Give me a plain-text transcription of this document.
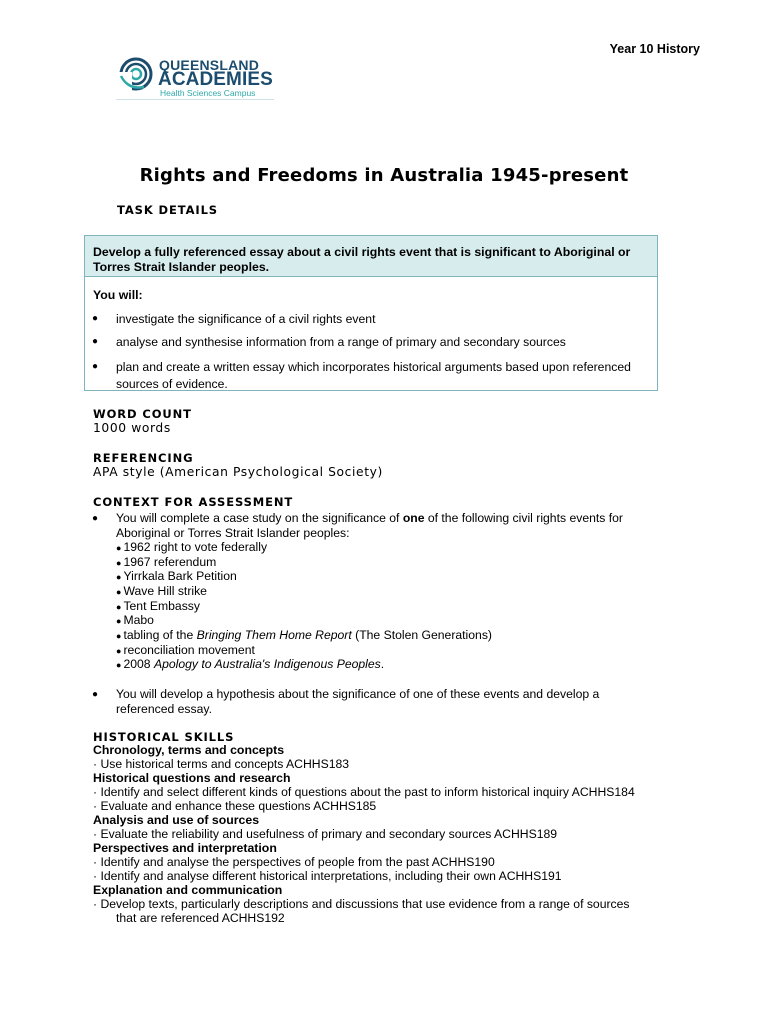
Year 10 History
QUEENSLAND
ACADEMIES
Health Sciences Campus
Rights and Freedoms in Australia 1945-present
TASK DETAILS
Develop a fully referenced essay about a civil rights event that is significant to Aboriginal or Torres Strait Islander peoples.
You will:
● investigate the significance of a civil rights event
● analyse and synthesise information from a range of primary and secondary sources
● plan and create a written essay which incorporates historical arguments based upon referenced sources of evidence.
WORD COUNT
1000 words
REFERENCING
APA style (American Psychological Society)
CONTEXT FOR ASSESSMENT
● You will complete a case study on the significance of one of the following civil rights events for Aboriginal or Torres Strait Islander peoples:
● 1962 right to vote federally
● 1967 referendum
● Yirrkala Bark Petition
● Wave Hill strike
● Tent Embassy
● Mabo
● tabling of the Bringing Them Home Report (The Stolen Generations)
● reconciliation movement
● 2008 Apology to Australia's Indigenous Peoples.
● You will develop a hypothesis about the significance of one of these events and develop a referenced essay.
HISTORICAL SKILLS
Chronology, terms and concepts
· Use historical terms and concepts ACHHS183
Historical questions and research
· Identify and select different kinds of questions about the past to inform historical inquiry ACHHS184
· Evaluate and enhance these questions ACHHS185
Analysis and use of sources
· Evaluate the reliability and usefulness of primary and secondary sources ACHHS189
Perspectives and interpretation
· Identify and analyse the perspectives of people from the past ACHHS190
· Identify and analyse different historical interpretations, including their own ACHHS191
Explanation and communication
· Develop texts, particularly descriptions and discussions that use evidence from a range of sources
that are referenced ACHHS192
